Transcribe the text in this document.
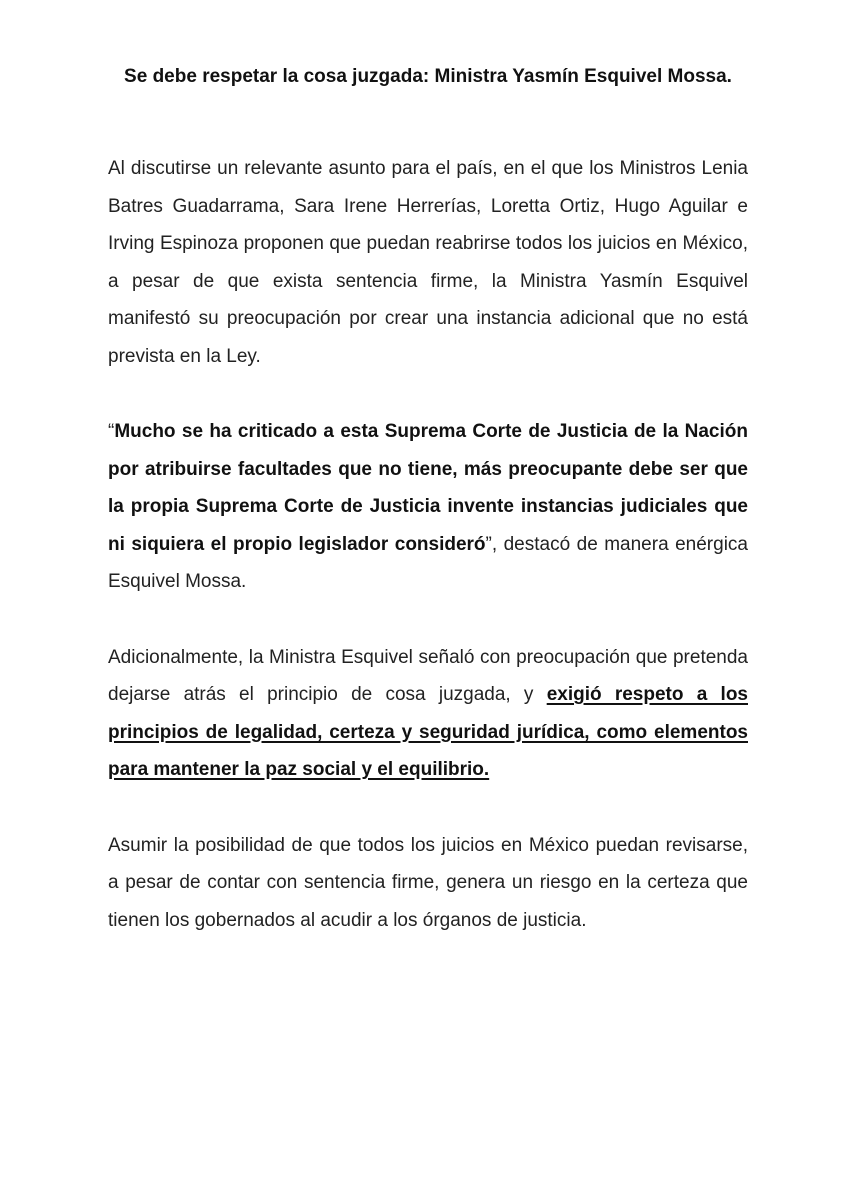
Se debe respetar la cosa juzgada: Ministra Yasmín Esquivel Mossa.

Al discutirse un relevante asunto para el país, en el que los Ministros Lenia Batres Guadarrama, Sara Irene Herrerías, Loretta Ortiz, Hugo Aguilar e Irving Espinoza proponen que puedan reabrirse todos los juicios en México, a pesar de que exista sentencia firme, la Ministra Yasmín Esquivel manifestó su preocupación por crear una instancia adicional que no está prevista en la Ley.

“Mucho se ha criticado a esta Suprema Corte de Justicia de la Nación por atribuirse facultades que no tiene, más preocupante debe ser que la propia Suprema Corte de Justicia invente instancias judiciales que ni siquiera el propio legislador consideró”, destacó de manera enérgica Esquivel Mossa.

Adicionalmente, la Ministra Esquivel señaló con preocupación que pretenda dejarse atrás el principio de cosa juzgada, y exigió respeto a los principios de legalidad, certeza y seguridad jurídica, como elementos para mantener la paz social y el equilibrio.

Asumir la posibilidad de que todos los juicios en México puedan revisarse, a pesar de contar con sentencia firme, genera un riesgo en la certeza que tienen los gobernados al acudir a los órganos de justicia.
